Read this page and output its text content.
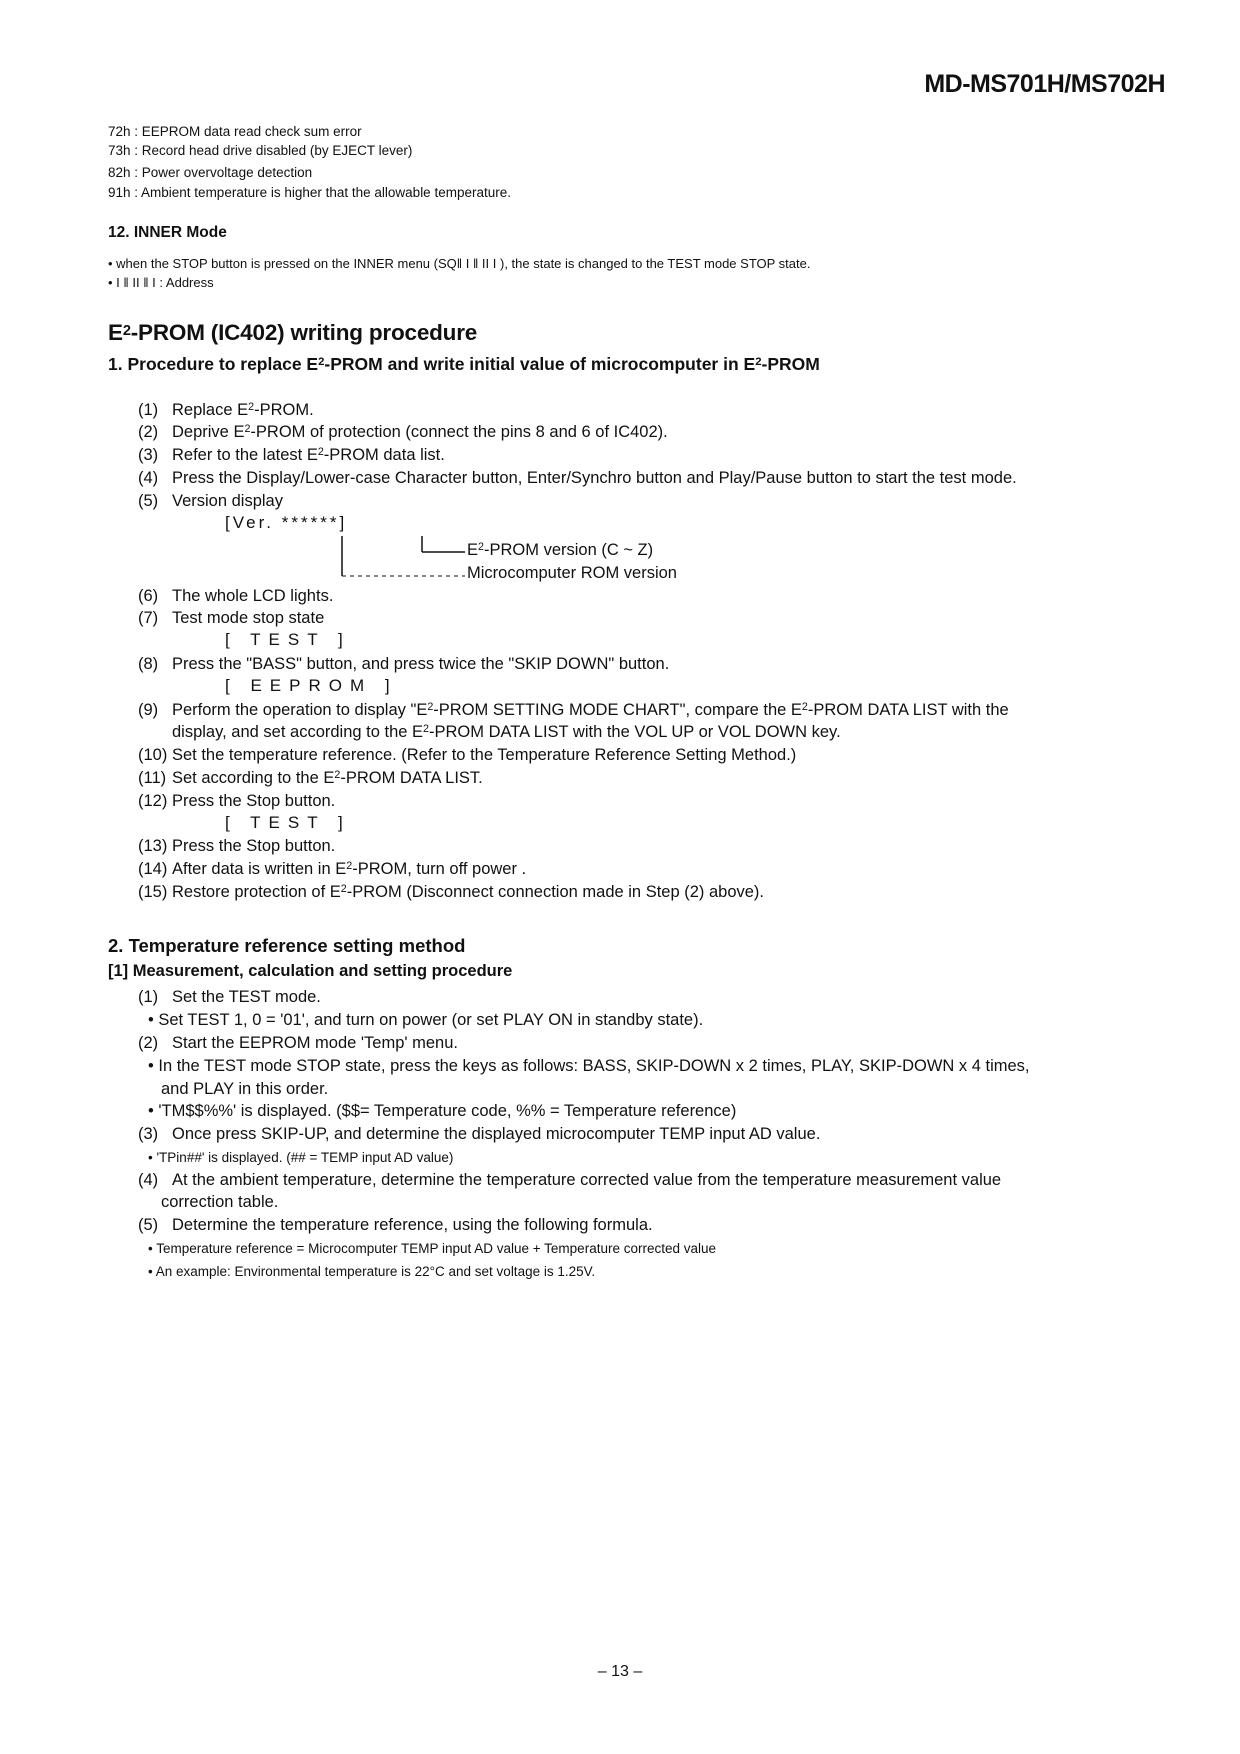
MD-MS701H/MS702H
72h : EEPROM data read check sum error
73h : Record head drive disabled (by EJECT lever)
82h : Power overvoltage detection
91h : Ambient temperature is higher that the allowable temperature.
12. INNER Mode
• when the STOP button is pressed on the INNER menu (SQ‖ I ‖ II I ), the state is changed to the TEST mode STOP state.
• I ‖ II ‖ I : Address
$E^2$-PROM (IC402) writing procedure
1. Procedure to replace $E^2$-PROM and write initial value of microcomputer in $E^2$-PROM
(1) Replace $E^2$-PROM.
(2) Deprive $E^2$-PROM of protection (connect the pins 8 and 6 of IC402).
(3) Refer to the latest $E^2$-PROM data list.
(4) Press the Display/Lower-case Character button, Enter/Synchro button and Play/Pause button to start the test mode.
(5) Version display
[Ver. ******]
$E^2$-PROM version (C ~ Z)
Microcomputer ROM version
(6) The whole LCD lights.
(7) Test mode stop state
[ TEST ]
(8) Press the "BASS" button, and press twice the "SKIP DOWN" button.
[ EEPROM ]
(9) Perform the operation to display "$E^2$-PROM SETTING MODE CHART", compare the $E^2$-PROM DATA LIST with the
display, and set according to the $E^2$-PROM DATA LIST with the VOL UP or VOL DOWN key.
(10) Set the temperature reference. (Refer to the Temperature Reference Setting Method.)
(11) Set according to the $E^2$-PROM DATA LIST.
(12) Press the Stop button.
[ TEST ]
(13) Press the Stop button.
(14) After data is written in $E^2$-PROM, turn off power .
(15) Restore protection of $E^2$-PROM (Disconnect connection made in Step (2) above).
2. Temperature reference setting method
[1] Measurement, calculation and setting procedure
(1) Set the TEST mode.
• Set TEST 1, 0 = '01', and turn on power (or set PLAY ON in standby state).
(2) Start the EEPROM mode 'Temp' menu.
• In the TEST mode STOP state, press the keys as follows: BASS, SKIP-DOWN x 2 times, PLAY, SKIP-DOWN x 4 times,
and PLAY in this order.
• 'TM$$%%' is displayed. ($$= Temperature code, %% = Temperature reference)
(3) Once press SKIP-UP, and determine the displayed microcomputer TEMP input AD value.
• 'TPin##' is displayed. (## = TEMP input AD value)
(4) At the ambient temperature, determine the temperature corrected value from the temperature measurement value
correction table.
(5) Determine the temperature reference, using the following formula.
• Temperature reference = Microcomputer TEMP input AD value + Temperature corrected value
• An example: Environmental temperature is 22°C and set voltage is 1.25V.
– 13 –
